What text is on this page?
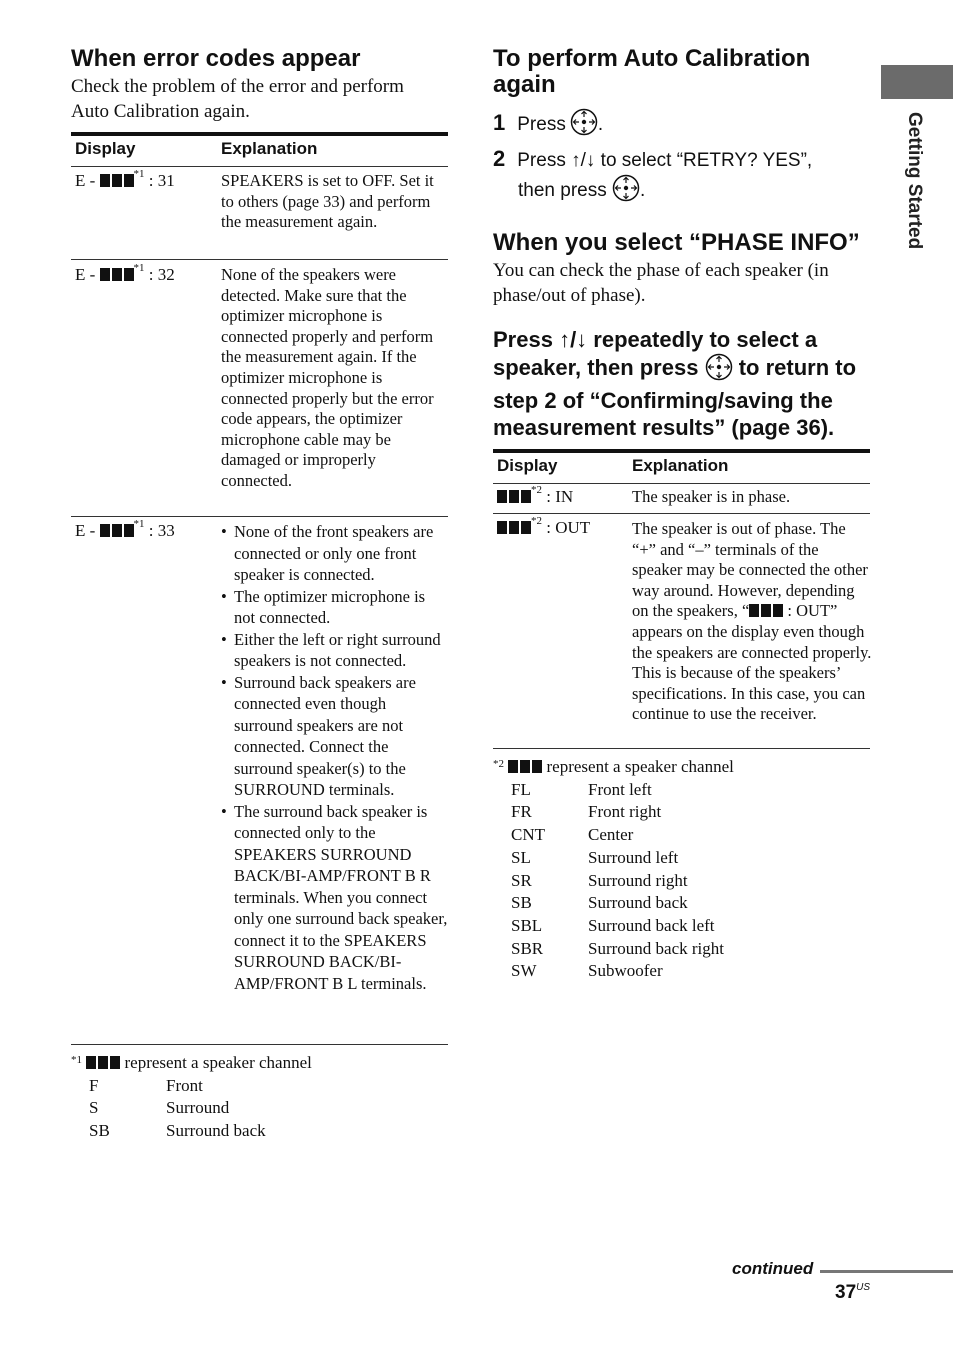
When error codes appear
Check the problem of the error and perform Auto Calibration again.
Display	Explanation
E -	$^{*1}$ : 31	SPEAKERS is set to OFF. Set it to others (page 33) and perform the measurement again.
E -	$^{*1}$ : 32	None of the speakers were detected. Make sure that the optimizer microphone is connected properly and perform the measurement again. If the optimizer microphone is connected properly but the error code appears, the optimizer microphone cable may be damaged or improperly connected.
E -	$^{*1}$ : 33
•	None of the front speakers are connected or only one front speaker is connected.
• The optimizer microphone is not connected.
• Either the left or right surround speakers is not connected.
• Surround back speakers are connected even though surround speakers are not connected. Connect the surround speaker(s) to the SURROUND terminals.
• The surround back speaker is connected only to the SPEAKERS SURROUND BACK/BI-AMP/FRONT B R terminals. When you connect only one surround back speaker, connect it to the SPEAKERS SURROUND BACK/BI-AMP/FRONT B L terminals.
$^{*1}$  represent a speaker channel
F	Front
S	Surround
SB	Surround back
To perform Auto Calibration again
1 Press .
2 Press ↑/↓ to select “RETRY? YES”,
then press .
When you select “PHASE INFO”
You can check the phase of each speaker (in phase/out of phase).
Press ↑/↓ repeatedly to select a speaker, then press  to return to step 2 of “Confirming/saving the measurement results” (page 36).
Display	Explanation
$^{*2}$ : IN	The speaker is in phase.
$^{*2}$ : OUT	The speaker is out of phase. The “+” and “–” terminals of the speaker may be connected the other way around. However, depending on the speakers, “ : OUT” appears on the display even though the speakers are connected properly. This is because of the speakers’ specifications. In this case, you can continue to use the receiver.
$^{*2}$  represent a speaker channel
FL	Front left
FR	Front right
CNT	Center
SL	Surround left
SR	Surround right
SB	Surround back
SBL	Surround back left
SBR	Surround back right
SW	Subwoofer
Getting Started
continued
$37^{US}$
